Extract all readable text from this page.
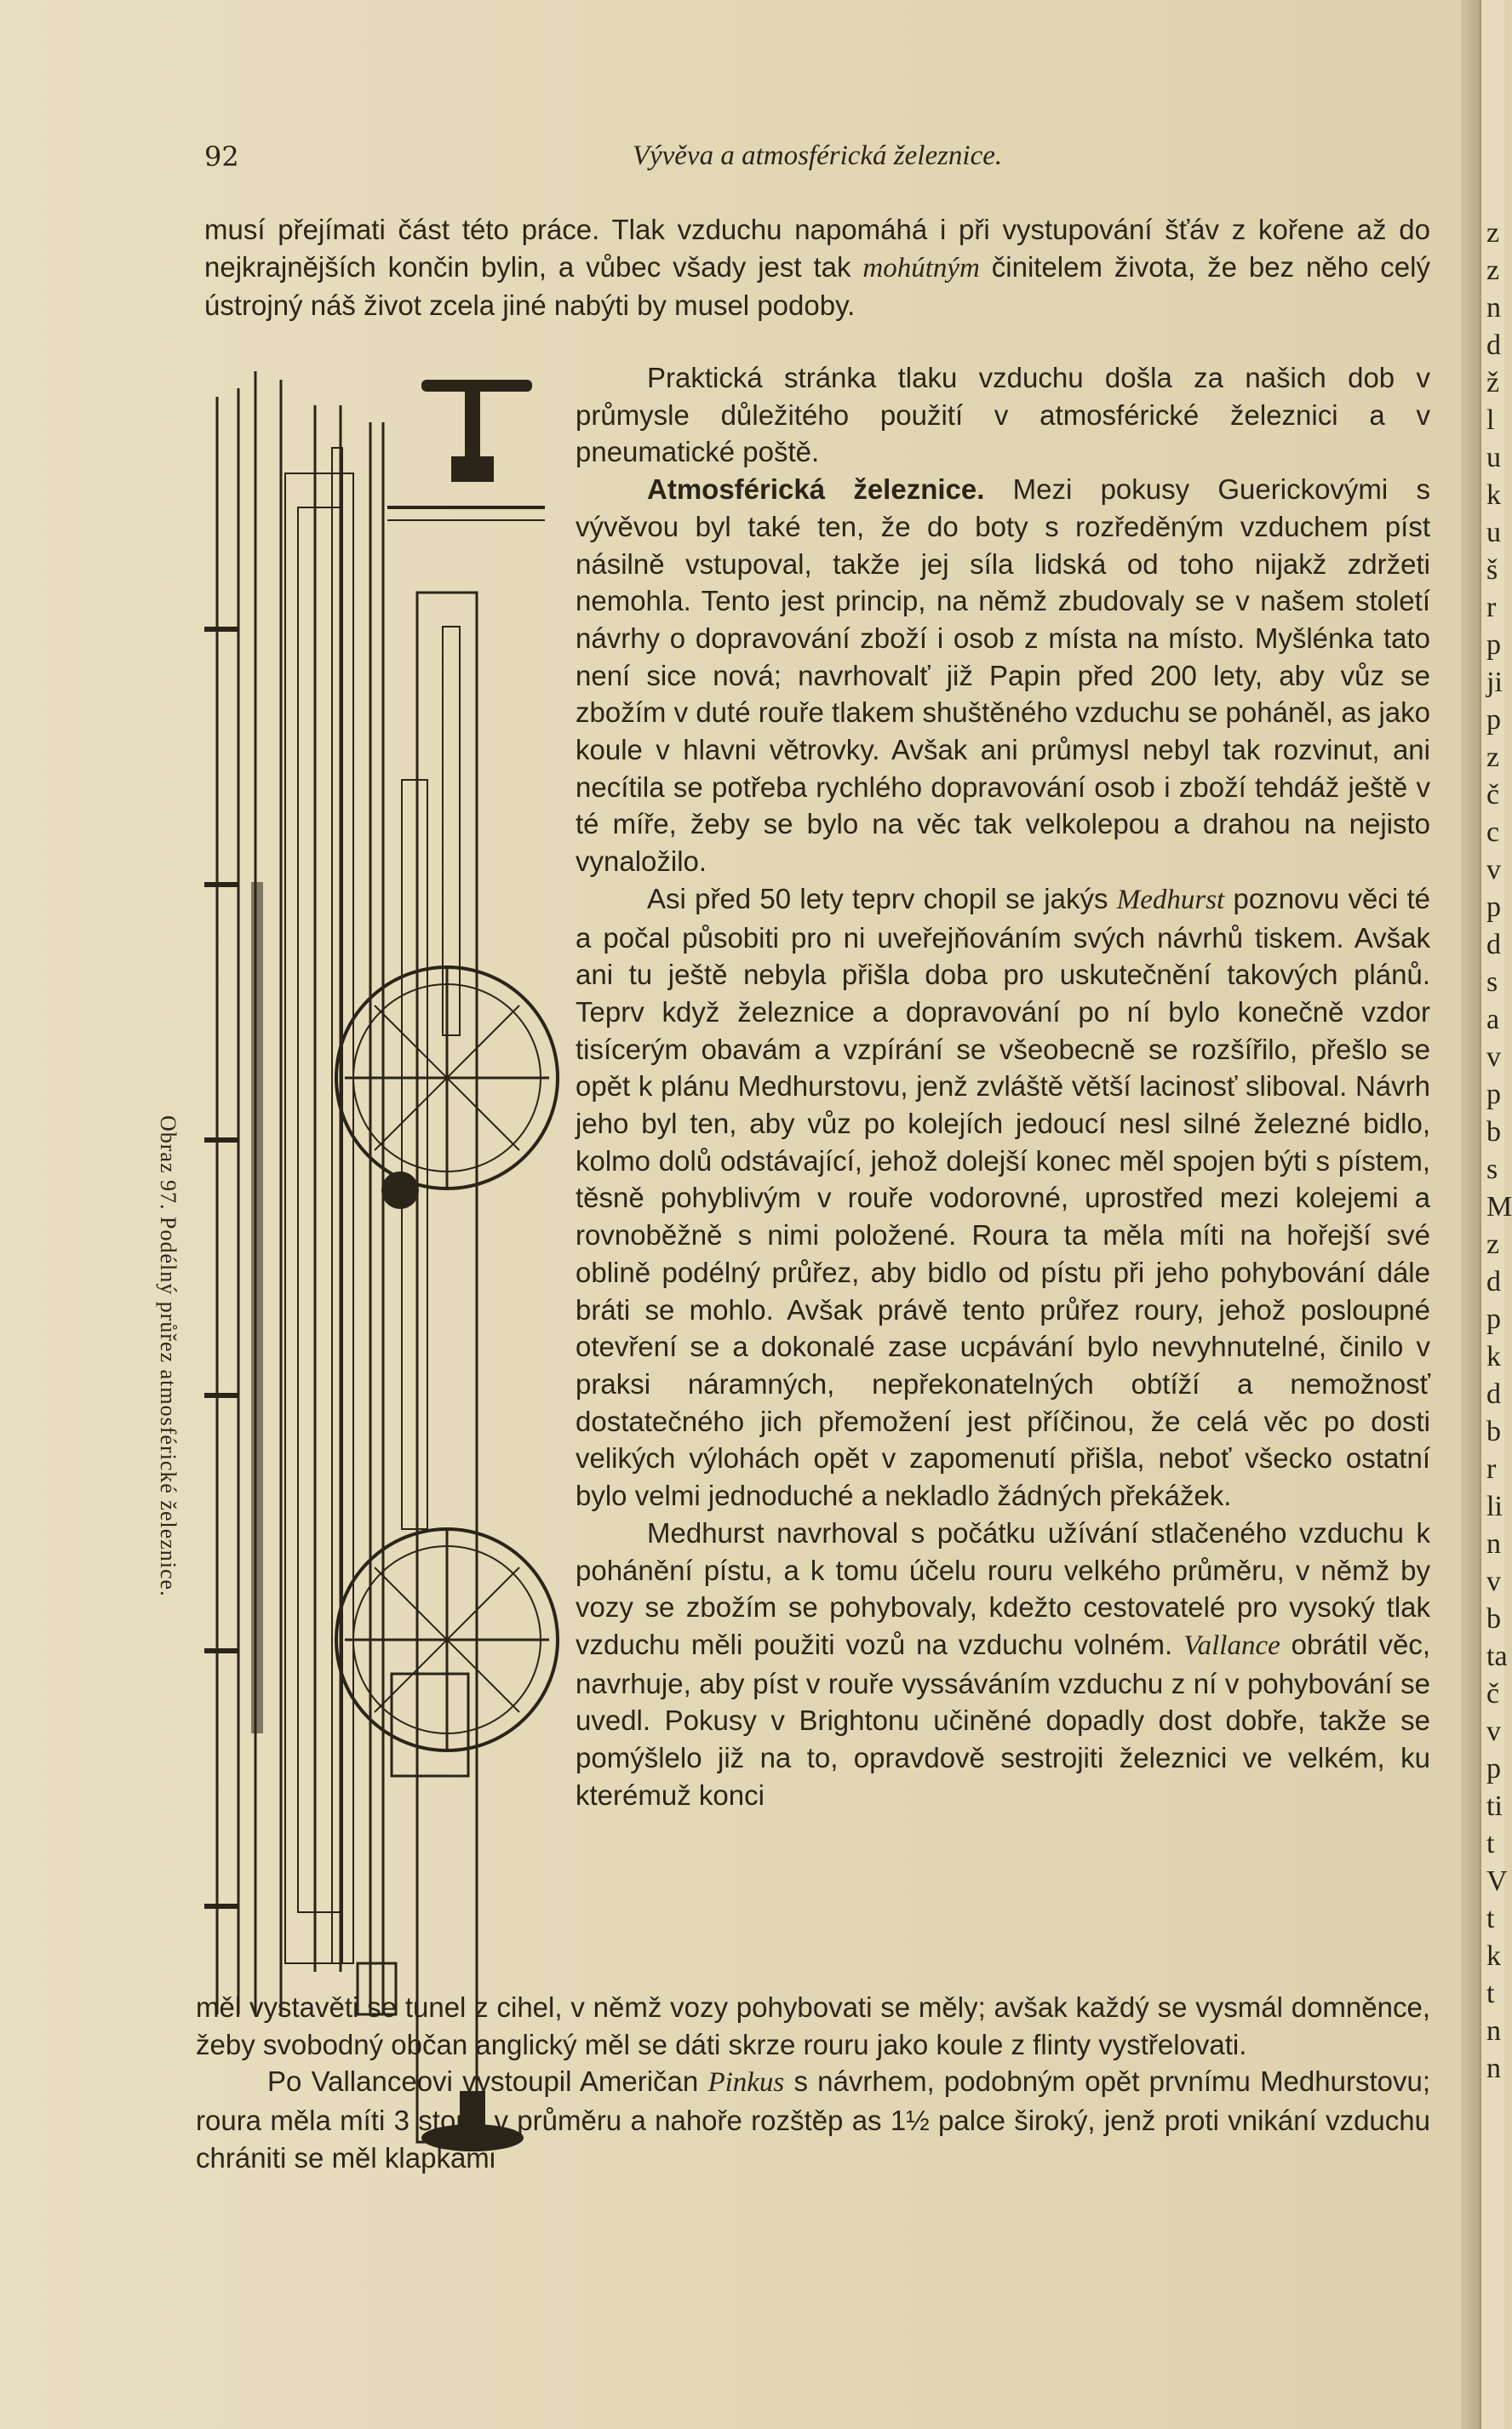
92	Vývěva a atmosférická železnice.

musí přejímati část této práce. Tlak vzduchu napomáhá i při vystupování šťáv z kořene až do nejkrajnějších končin bylin, a vůbec všady jest tak mohútným činitelem života, že bez něho celý ústrojný náš život zcela jiné nabýti by musel podoby.

Obraz 97. Podélný průřez atmosférické železnice.

Praktická stránka tlaku vzduchu došla za našich dob v průmysle důležitého použití v atmosférické železnici a v pneumatické poště.

Atmosférická železnice. Mezi pokusy Guerickovými s vývěvou byl také ten, že do boty s rozředěným vzduchem píst násilně vstupoval, takže jej síla lidská od toho nijakž zdržeti nemohla. Tento jest princip, na němž zbudovaly se v našem století návrhy o dopravování zboží i osob z místa na místo. Myšlénka tato není sice nová; navrhovalť již Papin před 200 lety, aby vůz se zbožím v duté rouře tlakem shuštěného vzduchu se poháněl, as jako koule v hlavni větrovky. Avšak ani průmysl nebyl tak rozvinut, ani necítila se potřeba rychlého dopravování osob i zboží tehdáž ještě v té míře, žeby se bylo na věc tak velkolepou a drahou na nejisto vynaložilo.

Asi před 50 lety teprv chopil se jakýs Medhurst poznovu věci té a počal působiti pro ni uveřejňováním svých návrhů tiskem. Avšak ani tu ještě nebyla přišla doba pro uskutečnění takových plánů. Teprv když železnice a dopravování po ní bylo konečně vzdor tisícerým obavám a vzpírání se všeobecně se rozšířilo, přešlo se opět k plánu Medhurstovu, jenž zvláště větší lacinosť sliboval. Návrh jeho byl ten, aby vůz po kolejích jedoucí nesl silné železné bidlo, kolmo dolů odstávající, jehož dolejší konec měl spojen býti s pístem, těsně pohyblivým v rouře vodorovné, uprostřed mezi kolejemi a rovnoběžně s nimi položené. Roura ta měla míti na hořejší své oblině podélný průřez, aby bidlo od pístu při jeho pohybování dále bráti se mohlo. Avšak právě tento průřez roury, jehož posloupné otevření se a dokonalé zase ucpávání bylo nevyhnutelné, činilo v praksi náramných, nepřekonatelných obtíží a nemožnosť dostatečného jich přemožení jest příčinou, že celá věc po dosti velikých výlohách opět v zapomenutí přišla, neboť všecko ostatní bylo velmi jednoduché a nekladlo žádných překážek.

Medhurst navrhoval s počátku užívání stlačeného vzduchu k pohánění pístu, a k tomu účelu rouru velkého průměru, v němž by vozy se zbožím se pohybovaly, kdežto cestovatelé pro vysoký tlak vzduchu měli použiti vozů na vzduchu volném. Vallance obrátil věc, navrhuje, aby píst v rouře vyssáváním vzduchu z ní v pohybování se uvedl. Pokusy v Brightonu učiněné dopadly dost dobře, takže se pomýšlelo již na to, opravdově sestrojiti železnici ve velkém, ku kterémuž konci

měl vystavěti se tunel z cihel, v němž vozy pohybovati se měly; avšak každý se vysmál domněnce, žeby svobodný občan anglický měl se dáti skrze rouru jako koule z flinty vystřelovati.

Po Vallanceovi vystoupil Američan Pinkus s návrhem, podobným opět prvnímu Medhurstovu; roura měla míti 3 stopy v průměru a nahoře rozštěp as 1½ palce široký, jenž proti vnikání vzduchu chrániti se měl klapkami

z
z
n
d
ž
l
u
k
u
š
r
p
ji
p
z
č
c
v
p
d
s
a
v
p
b
s
M
z
d
p
k
d
b
r
li
n
v
b
ta
č
v
p
ti
t
V
t
k
t
n
n
